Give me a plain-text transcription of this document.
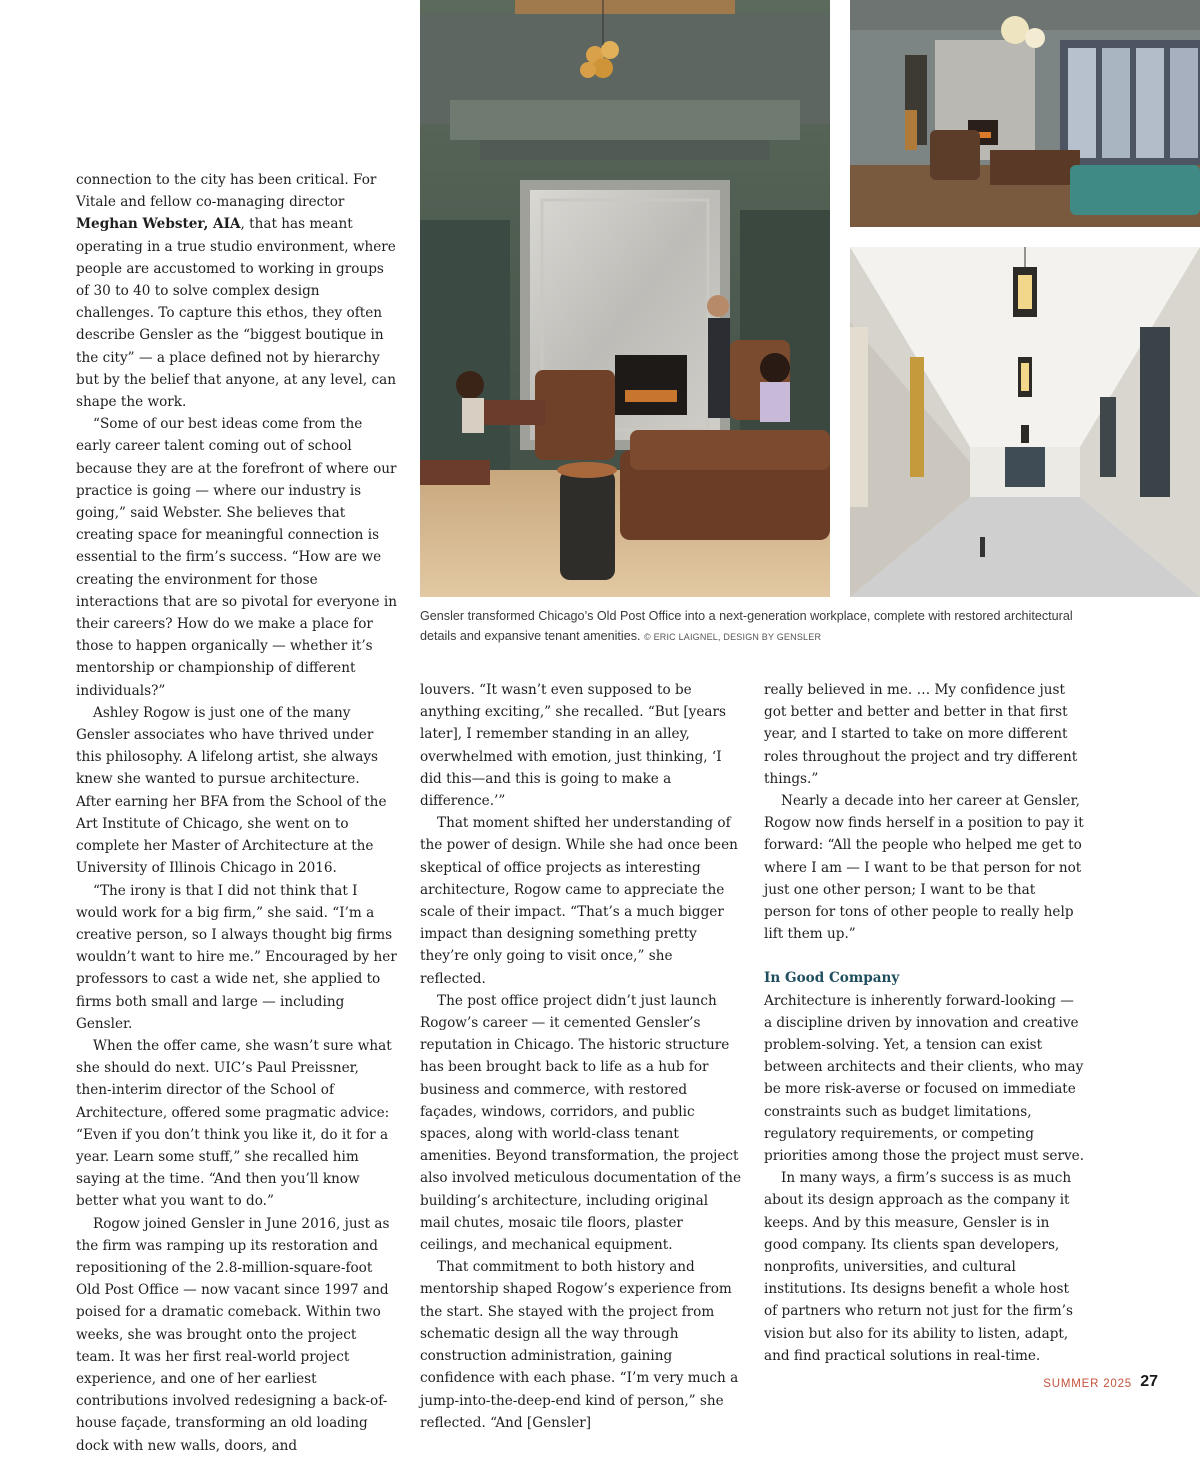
Gensler transformed Chicago’s Old Post Office into a next-generation workplace, complete with restored architectural details and expansive tenant amenities. © ERIC LAIGNEL, DESIGN BY GENSLER

connection to the city has been critical. For Vitale and fellow co-managing director Meghan Webster, AIA, that has meant operating in a true studio environment, where people are accustomed to working in groups of 30 to 40 to solve complex design challenges. To capture this ethos, they often describe Gensler as the “biggest boutique in the city” — a place defined not by hierarchy but by the belief that anyone, at any level, can shape the work.

“Some of our best ideas come from the early career talent coming out of school because they are at the forefront of where our practice is going — where our industry is going,” said Webster. She believes that creating space for meaningful connection is essential to the firm’s success. “How are we creating the environment for those interactions that are so pivotal for everyone in their careers? How do we make a place for those to happen organically — whether it’s mentorship or championship of different individuals?”

Ashley Rogow is just one of the many Gensler associates who have thrived under this philosophy. A lifelong artist, she always knew she wanted to pursue architecture. After earning her BFA from the School of the Art Institute of Chicago, she went on to complete her Master of Architecture at the University of Illinois Chicago in 2016.

“The irony is that I did not think that I would work for a big firm,” she said. “I’m a creative person, so I always thought big firms wouldn’t want to hire me.” Encouraged by her professors to cast a wide net, she applied to firms both small and large — including Gensler.

When the offer came, she wasn’t sure what she should do next. UIC’s Paul Preissner, then-interim director of the School of Architecture, offered some pragmatic advice: “Even if you don’t think you like it, do it for a year. Learn some stuff,” she recalled him saying at the time. “And then you’ll know better what you want to do.”

Rogow joined Gensler in June 2016, just as the firm was ramping up its restoration and repositioning of the 2.8-million-square-foot Old Post Office — now vacant since 1997 and poised for a dramatic comeback. Within two weeks, she was brought onto the project team. It was her first real-world project experience, and one of her earliest contributions involved redesigning a back-of-house façade, transforming an old loading dock with new walls, doors, and

louvers. “It wasn’t even supposed to be anything exciting,” she recalled. “But [years later], I remember standing in an alley, overwhelmed with emotion, just thinking, ‘I did this—and this is going to make a difference.’”

That moment shifted her understanding of the power of design. While she had once been skeptical of office projects as interesting architecture, Rogow came to appreciate the scale of their impact. “That’s a much bigger impact than designing something pretty they’re only going to visit once,” she reflected.

The post office project didn’t just launch Rogow’s career — it cemented Gensler’s reputation in Chicago. The historic structure has been brought back to life as a hub for business and commerce, with restored façades, windows, corridors, and public spaces, along with world-class tenant amenities. Beyond transformation, the project also involved meticulous documentation of the building’s architecture, including original mail chutes, mosaic tile floors, plaster ceilings, and mechanical equipment.

That commitment to both history and mentorship shaped Rogow’s experience from the start. She stayed with the project from schematic design all the way through construction administration, gaining confidence with each phase. “I’m very much a jump-into-the-deep-end kind of person,” she reflected. “And [Gensler]

really believed in me. … My confidence just got better and better and better in that first year, and I started to take on more different roles throughout the project and try different things.”

Nearly a decade into her career at Gensler, Rogow now finds herself in a position to pay it forward: “All the people who helped me get to where I am — I want to be that person for not just one other person; I want to be that person for tons of other people to really help lift them up.”

In Good Company

Architecture is inherently forward-looking — a discipline driven by innovation and creative problem-solving. Yet, a tension can exist between architects and their clients, who may be more risk-averse or focused on immediate constraints such as budget limitations, regulatory requirements, or competing priorities among those the project must serve.

In many ways, a firm’s success is as much about its design approach as the company it keeps. And by this measure, Gensler is in good company. Its clients span developers, nonprofits, universities, and cultural institutions. Its designs benefit a whole host of partners who return not just for the firm’s vision but also for its ability to listen, adapt, and find practical solutions in real-time.

SUMMER 2025 27
